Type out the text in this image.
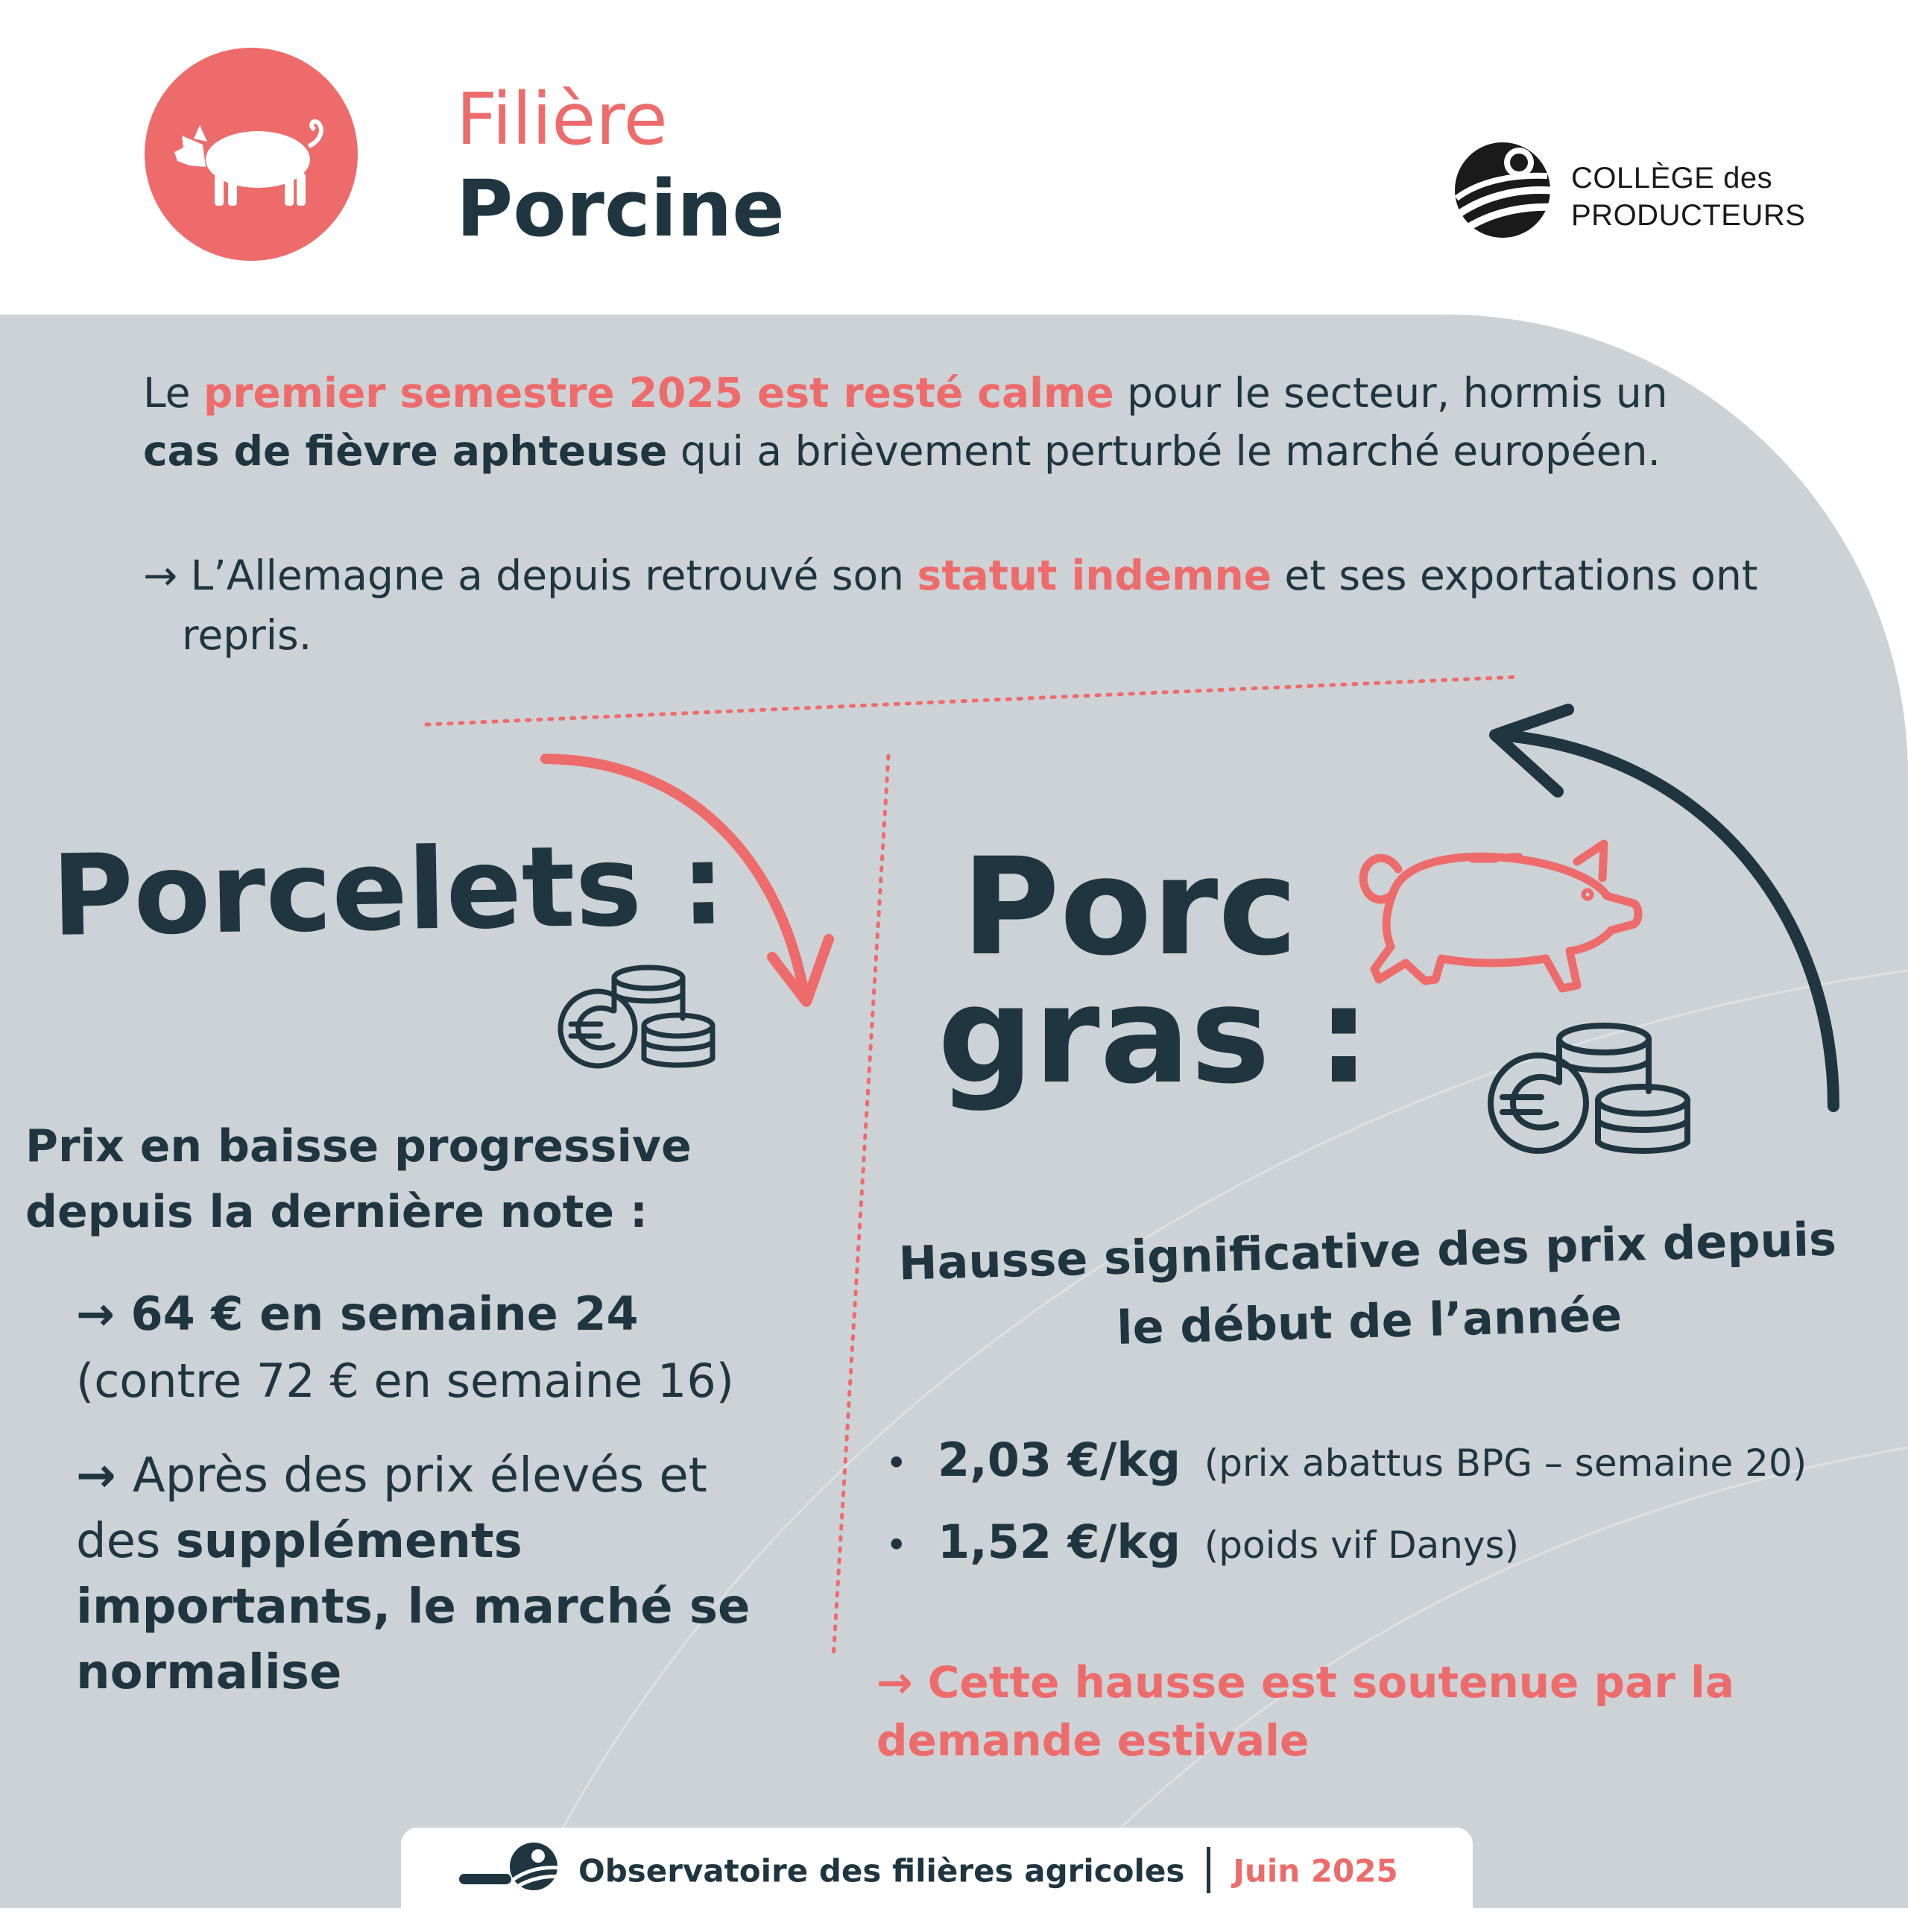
Filière
Porcine	COLLÈGE des
PRODUCTEURS
Le premier semestre 2025 est resté calme pour le secteur, hormis un cas de fièvre aphteuse qui a brièvement perturbé le marché européen.
→ L’Allemagne a depuis retrouvé son statut indemne et ses exportations ont repris.
Porcelets :
Prix en baisse progressive depuis la dernière note :
→ 64 € en semaine 24
(contre 72 € en semaine 16)
→ Après des prix élevés et des suppléments importants, le marché se normalise
Porc
gras :
Hausse significative des prix depuis le début de l’année
• 2,03 €/kg (prix abattus BPG – semaine 20)
• 1,52 €/kg (poids vif Danys)
→ Cette hausse est soutenue par la demande estivale
Observatoire des filières agricoles Juin 2025
